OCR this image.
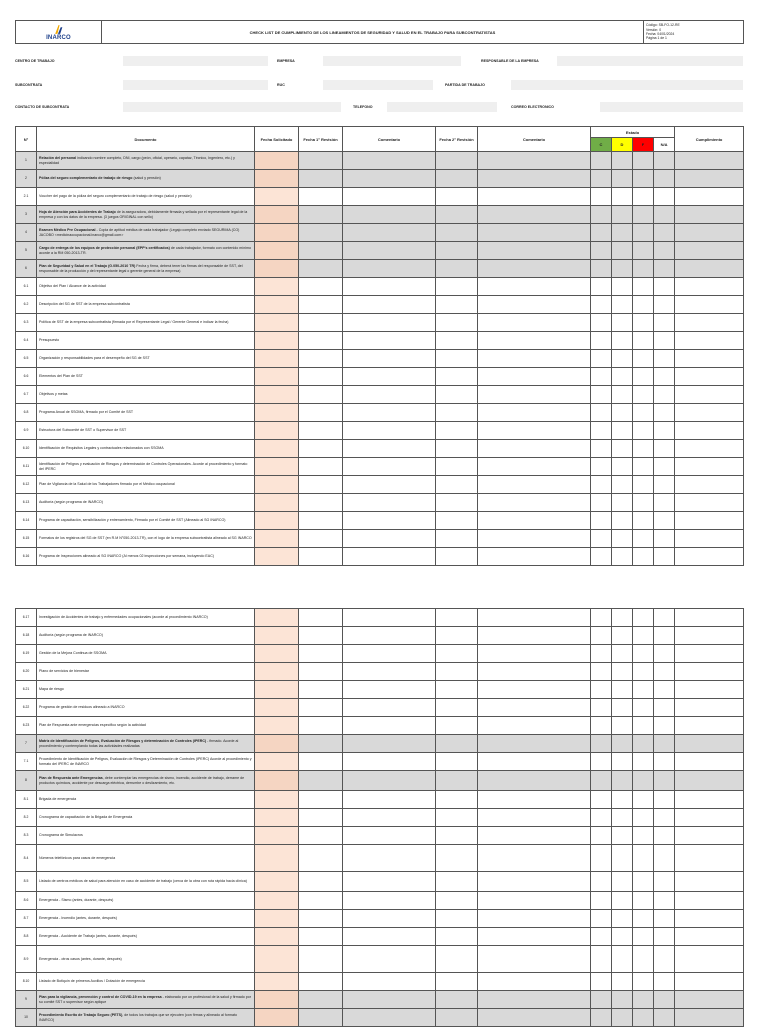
INARCO
	CHECK LIST DE CUMPLIMIENTO DE LOS LINEAMIENTOS DE SEGURIDAD Y SALUD EN EL TRABAJO PARA SUBCONTRATISTAS	
Código: SB-FO-12-RE
Versión: 0
Fecha: 04/01/2024
Página 1 de 1
CENTRO DE TRABAJO	EMPRESA	RESPONSABLE DE LA EMPRESA
SUBCONTRATA	RUC	PARTIDA DE TRABAJO
CONTACTO DE SUBCONTRATA	TELEFONO	CORREO ELECTRONICO
N°	Documento	Fecha Solicitado	Fecha 1° Revisión	Comentario	Fecha 2° Revisión	Comentario	Estado				Cumplimiento
							C	D	F	N/A	
1	Relación del personal indicando nombre completo, DNI, cargo (peón, oficial, operario, capataz, Técnico, Ingeniero, etc.) y especialidad										
2	Póliza del seguro complementario de trabajo de riesgo (salud y pensión)										
2.1	Voucher del pago de la póliza del seguro complementario de trabajo de riesgo (salud y pensión)										
3	Hoja de Atención para Accidentes de Trabajo de la aseguradora, debidamente firmada y sellada por el representante legal de la empresa y con los datos de la empresa. (3 juegos ORIGINAL con sello)										
4	Examen Médico Pre Ocupacional - Copia de aptitud médica de cada trabajador (Legajo completo enviado SEGURIMA (CO) JACOBO <medicinaocupacional.inarco@gmail.com>										
5	Cargo de entrega de los equipos de protección personal (EPP's certificados) de cada trabajador, formato con contenido mínimo acorde a la RM 050-2013-TR.										
6	Plan de Seguridad y Salud en el Trabajo (G.050-2010 TR) Fecha y firma, deberá tener las firmas del responsable de SST, del responsable de la producción y del representante legal o gerente general de la empresa)										
6.1	Objetivo del Plan / Alcance de la actividad										
6.2	Descripción del SG de SST de la empresa subcontratista										
6.3	Política de SST de la empresa subcontratista (firmada por el Representante Legal / Gerente General e indicar la fecha)										
6.4	Presupuesto										
6.5	Organización y responsabilidades para el desempeño del SG de SST										
6.6	Elementos del Plan de SST										
6.7	Objetivos y metas										
6.8	Programa Anual de SSOMA, firmado por el Comité de SST										
6.9	Estructura del Subcomité de SST o Supervisor de SST										
6.10	Identificación de Requisitos Legales y contractuales relacionados con SSOMA										
6.11	Identificación de Peligros y evaluación de Riesgos y determinación de Controles Operacionales. Acorde al procedimiento y formato del IPERC										
6.12	Plan de Vigilancia de la Salud de los Trabajadores firmado por el Médico ocupacional										
6.13	Auditoría (según programa de INARCO)										
6.14	Programa de capacitación, sensibilización y entrenamiento, Firmado por el Comité de SST (Alineado al SG INARCO)										
6.15	Formatos de los registros del SG de SST (en R.M N°050-2013-TR), con el logo de la empresa subcontratista alineado al SG INARCO										
6.16	Programa de Inspecciones alineado al SG INARCO (Al menos 02 inspecciones por semana, incluyendo EAC)										
6.17	Investigación de Accidentes de trabajo y enfermedades ocupacionales (acorde al procedimiento INARCO)										
6.18	Auditoría (según programa de INARCO)										
6.19	Gestión de la Mejora Continua de SSOMA										
6.20	Plano de servicios de bienestar										
6.21	Mapa de riesgo										
6.22	Programa de gestión de residuos alineado a INARCO										
6.23	Plan de Respuesta ante emergencias específico según la actividad										
7	Matriz de Identificación de Peligros, Evaluación de Riesgos y determinación de Controles (IPERC) - firmado. Acorde al procedimiento y contemplando todas las actividades realizadas										
7.1	Procedimiento de Identificación de Peligros, Evaluación de Riesgos y Determinación de Controles (IPERC) Acorde al procedimiento y formato del IPERC de INARCO										
8	Plan de Respuesta ante Emergencias, debe contemplar las emergencias de sismo, incendio, accidente de trabajo, derrame de productos químicos, accidente por descarga eléctrica, derrumbe o deslizamiento, etc.										
8.1	Brigada de emergencia										
8.2	Cronograma de capacitación de la Brigada de Emergencia										
8.3	Cronograma de Simulacros										
8.4	Números telefónicos para casos de emergencia										
8.5	Listado de centros médicos de salud para atención en caso de accidente de trabajo (cerca de la obra con ruta rápida hacia clínica)										
8.6	Emergencia - Sismo (antes, durante, después)										
8.7	Emergencia - Incendio (antes, durante, después)										
8.8	Emergencia - Accidente de Trabajo (antes, durante, después)										
8.9	Emergencia - otros casos (antes, durante, después)										
8.10	Listado de Botiquín de primeros Auxilios / Dotación de emergencia										
9	Plan para la vigilancia, prevención y control de COVID-19 en la empresa - elaborado por un profesional de la salud y firmado por su comité SST o supervisor según aplique										
10	Procedimiento Escrito de Trabajo Seguro (PETS), de todos los trabajos que se ejecuten (con firmas y alineado al formato INARCO)										
